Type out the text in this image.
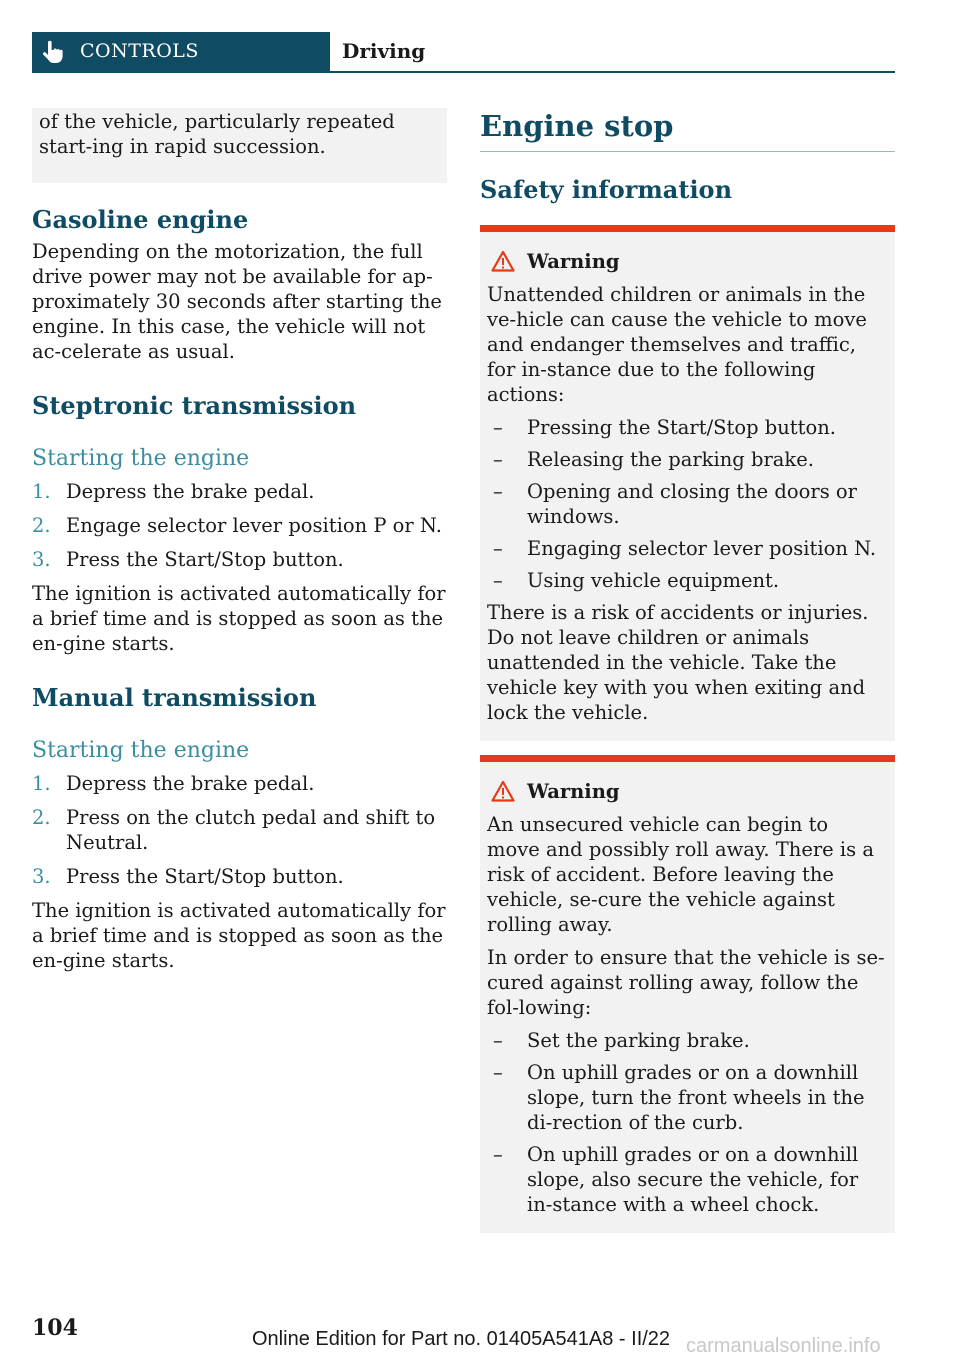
CONTROLS	Driving

of the vehicle, particularly repeated start-ing in rapid succession.

Gasoline engine

Depending on the motorization, the full drive power may not be available for ap-proximately 30 seconds after starting the engine. In this case, the vehicle will not ac-celerate as usual.

Steptronic transmission
Starting the engine
1. Depress the brake pedal.
2. Engage selector lever position P or N.
3. Press the Start/Stop button.

The ignition is activated automatically for a brief time and is stopped as soon as the en-gine starts.

Manual transmission
Starting the engine
1. Depress the brake pedal.
2. Press on the clutch pedal and shift to Neutral.
3. Press the Start/Stop button.

The ignition is activated automatically for a brief time and is stopped as soon as the en-gine starts.

Engine stop
Safety information
Warning

Unattended children or animals in the ve-hicle can cause the vehicle to move and endanger themselves and traffic, for in-stance due to the following actions:

– Pressing the Start/Stop button.
– Releasing the parking brake.
– Opening and closing the doors or windows.
– Engaging selector lever position N.
– Using vehicle equipment.

There is a risk of accidents or injuries. Do not leave children or animals unattended in the vehicle. Take the vehicle key with you when exiting and lock the vehicle.

Warning

An unsecured vehicle can begin to move and possibly roll away. There is a risk of accident. Before leaving the vehicle, se-cure the vehicle against rolling away.

In order to ensure that the vehicle is se-cured against rolling away, follow the fol-lowing:

– Set the parking brake.
– On uphill grades or on a downhill slope, turn the front wheels in the di-rection of the curb.
– On uphill grades or on a downhill slope, also secure the vehicle, for in-stance with a wheel chock.
104	Online Edition for Part no. 01405A541A8 - II/22 carmanualsonline.info
